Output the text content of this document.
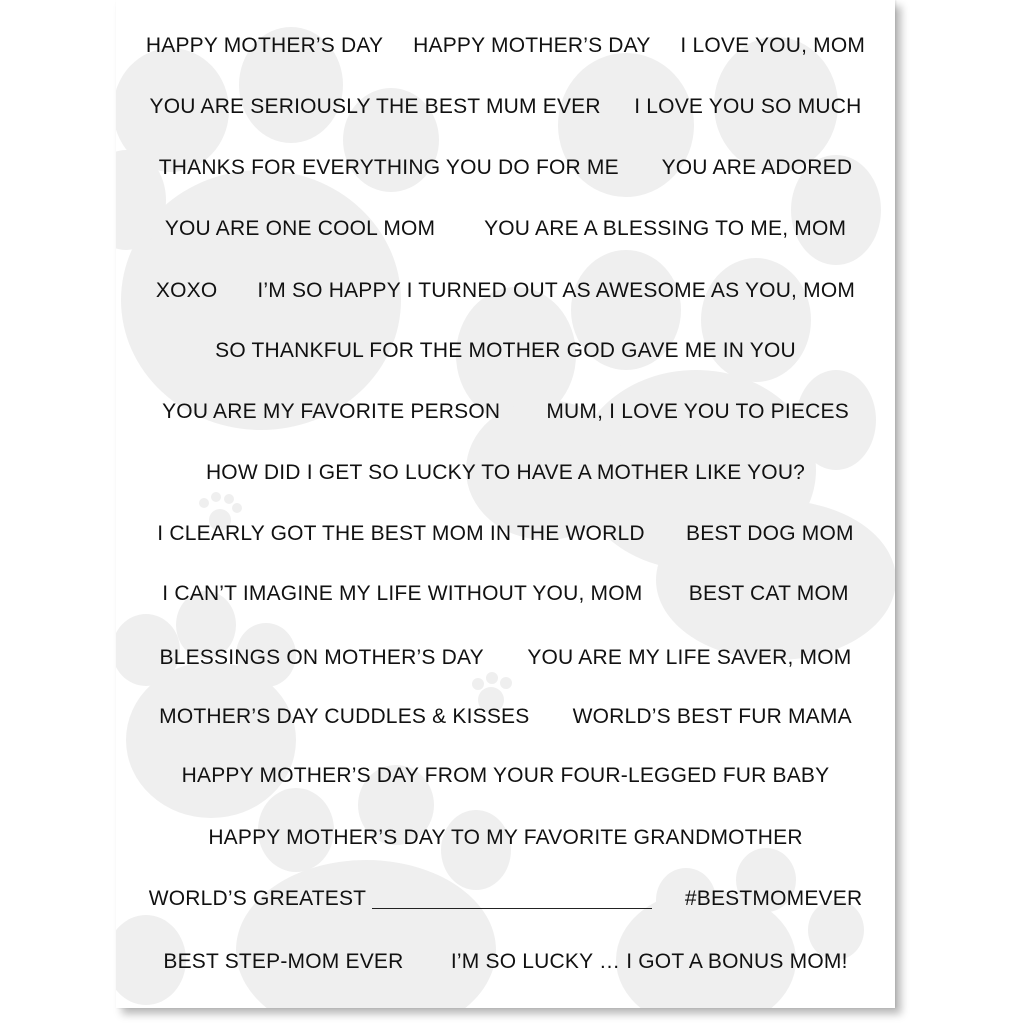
HAPPY MOTHER’S DAY HAPPY MOTHER’S DAY I LOVE YOU, MOM
YOU ARE SERIOUSLY THE BEST MUM EVER I LOVE YOU SO MUCH
THANKS FOR EVERYTHING YOU DO FOR ME YOU ARE ADORED
YOU ARE ONE COOL MOM YOU ARE A BLESSING TO ME, MOM
XOXO I’M SO HAPPY I TURNED OUT AS AWESOME AS YOU, MOM
SO THANKFUL FOR THE MOTHER GOD GAVE ME IN YOU
YOU ARE MY FAVORITE PERSON MUM, I LOVE YOU TO PIECES
HOW DID I GET SO LUCKY TO HAVE A MOTHER LIKE YOU?
I CLEARLY GOT THE BEST MOM IN THE WORLD BEST DOG MOM
I CAN’T IMAGINE MY LIFE WITHOUT YOU, MOM BEST CAT MOM
BLESSINGS ON MOTHER’S DAY YOU ARE MY LIFE SAVER, MOM
MOTHER’S DAY CUDDLES & KISSES WORLD’S BEST FUR MAMA
HAPPY MOTHER’S DAY FROM YOUR FOUR-LEGGED FUR BABY
HAPPY MOTHER’S DAY TO MY FAVORITE GRANDMOTHER
WORLD’S GREATEST	#BESTMOMEVER
BEST STEP-MOM EVER I’M SO LUCKY … I GOT A BONUS MOM!
